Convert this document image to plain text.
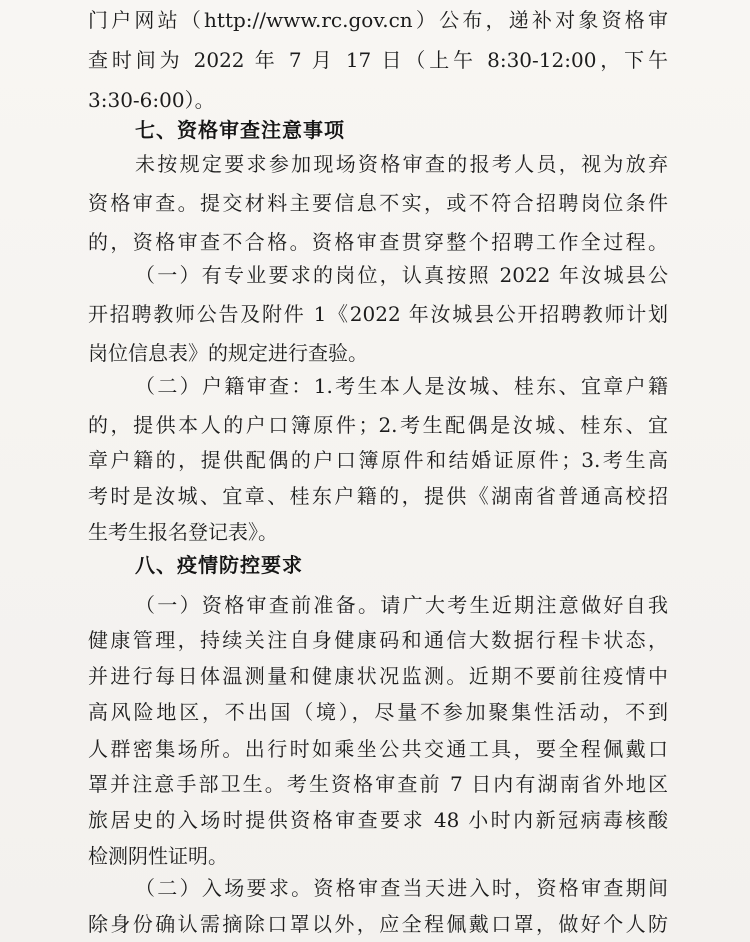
门户网站（http://www.rc.gov.cn）公布，递补对象资格审
查时间为 2022 年 7 月 17 日（上午 8:30-12:00，下午
3:30-6:00）。
七、资格审查注意事项
未按规定要求参加现场资格审查的报考人员，视为放弃
资格审查。提交材料主要信息不实，或不符合招聘岗位条件
的，资格审查不合格。资格审查贯穿整个招聘工作全过程。
（一）有专业要求的岗位，认真按照 2022 年汝城县公
开招聘教师公告及附件 1《2022 年汝城县公开招聘教师计划
岗位信息表》的规定进行查验。
（二）户籍审查：1.考生本人是汝城、桂东、宜章户籍
的，提供本人的户口簿原件；2.考生配偶是汝城、桂东、宜
章户籍的，提供配偶的户口簿原件和结婚证原件；3.考生高
考时是汝城、宜章、桂东户籍的，提供《湖南省普通高校招
生考生报名登记表》。
八、疫情防控要求
（一）资格审查前准备。请广大考生近期注意做好自我
健康管理，持续关注自身健康码和通信大数据行程卡状态，
并进行每日体温测量和健康状况监测。近期不要前往疫情中
高风险地区，不出国（境），尽量不参加聚集性活动，不到
人群密集场所。出行时如乘坐公共交通工具，要全程佩戴口
罩并注意手部卫生。考生资格审查前 7 日内有湖南省外地区
旅居史的入场时提供资格审查要求 48 小时内新冠病毒核酸
检测阴性证明。
（二）入场要求。资格审查当天进入时，资格审查期间
除身份确认需摘除口罩以外，应全程佩戴口罩，做好个人防
